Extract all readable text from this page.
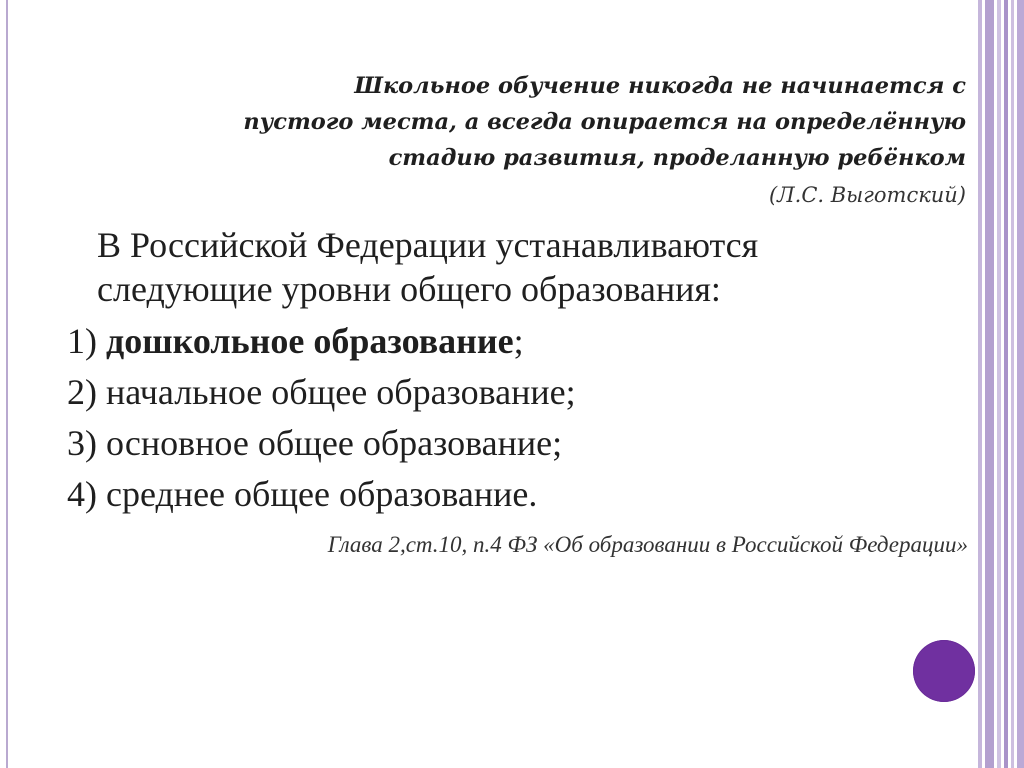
Школьное обучение никогда не начинается с
пустого места, а всегда опирается на определённую
стадию развития, проделанную ребёнком
(Л.С. Выготский)
В Российской Федерации устанавливаются
следующие уровни общего образования:
1) дошкольное образование;
2) начальное общее образование;
3) основное общее образование;
4) среднее общее образование.
Глава 2,ст.10, п.4 ФЗ «Об образовании в Российской Федерации»
